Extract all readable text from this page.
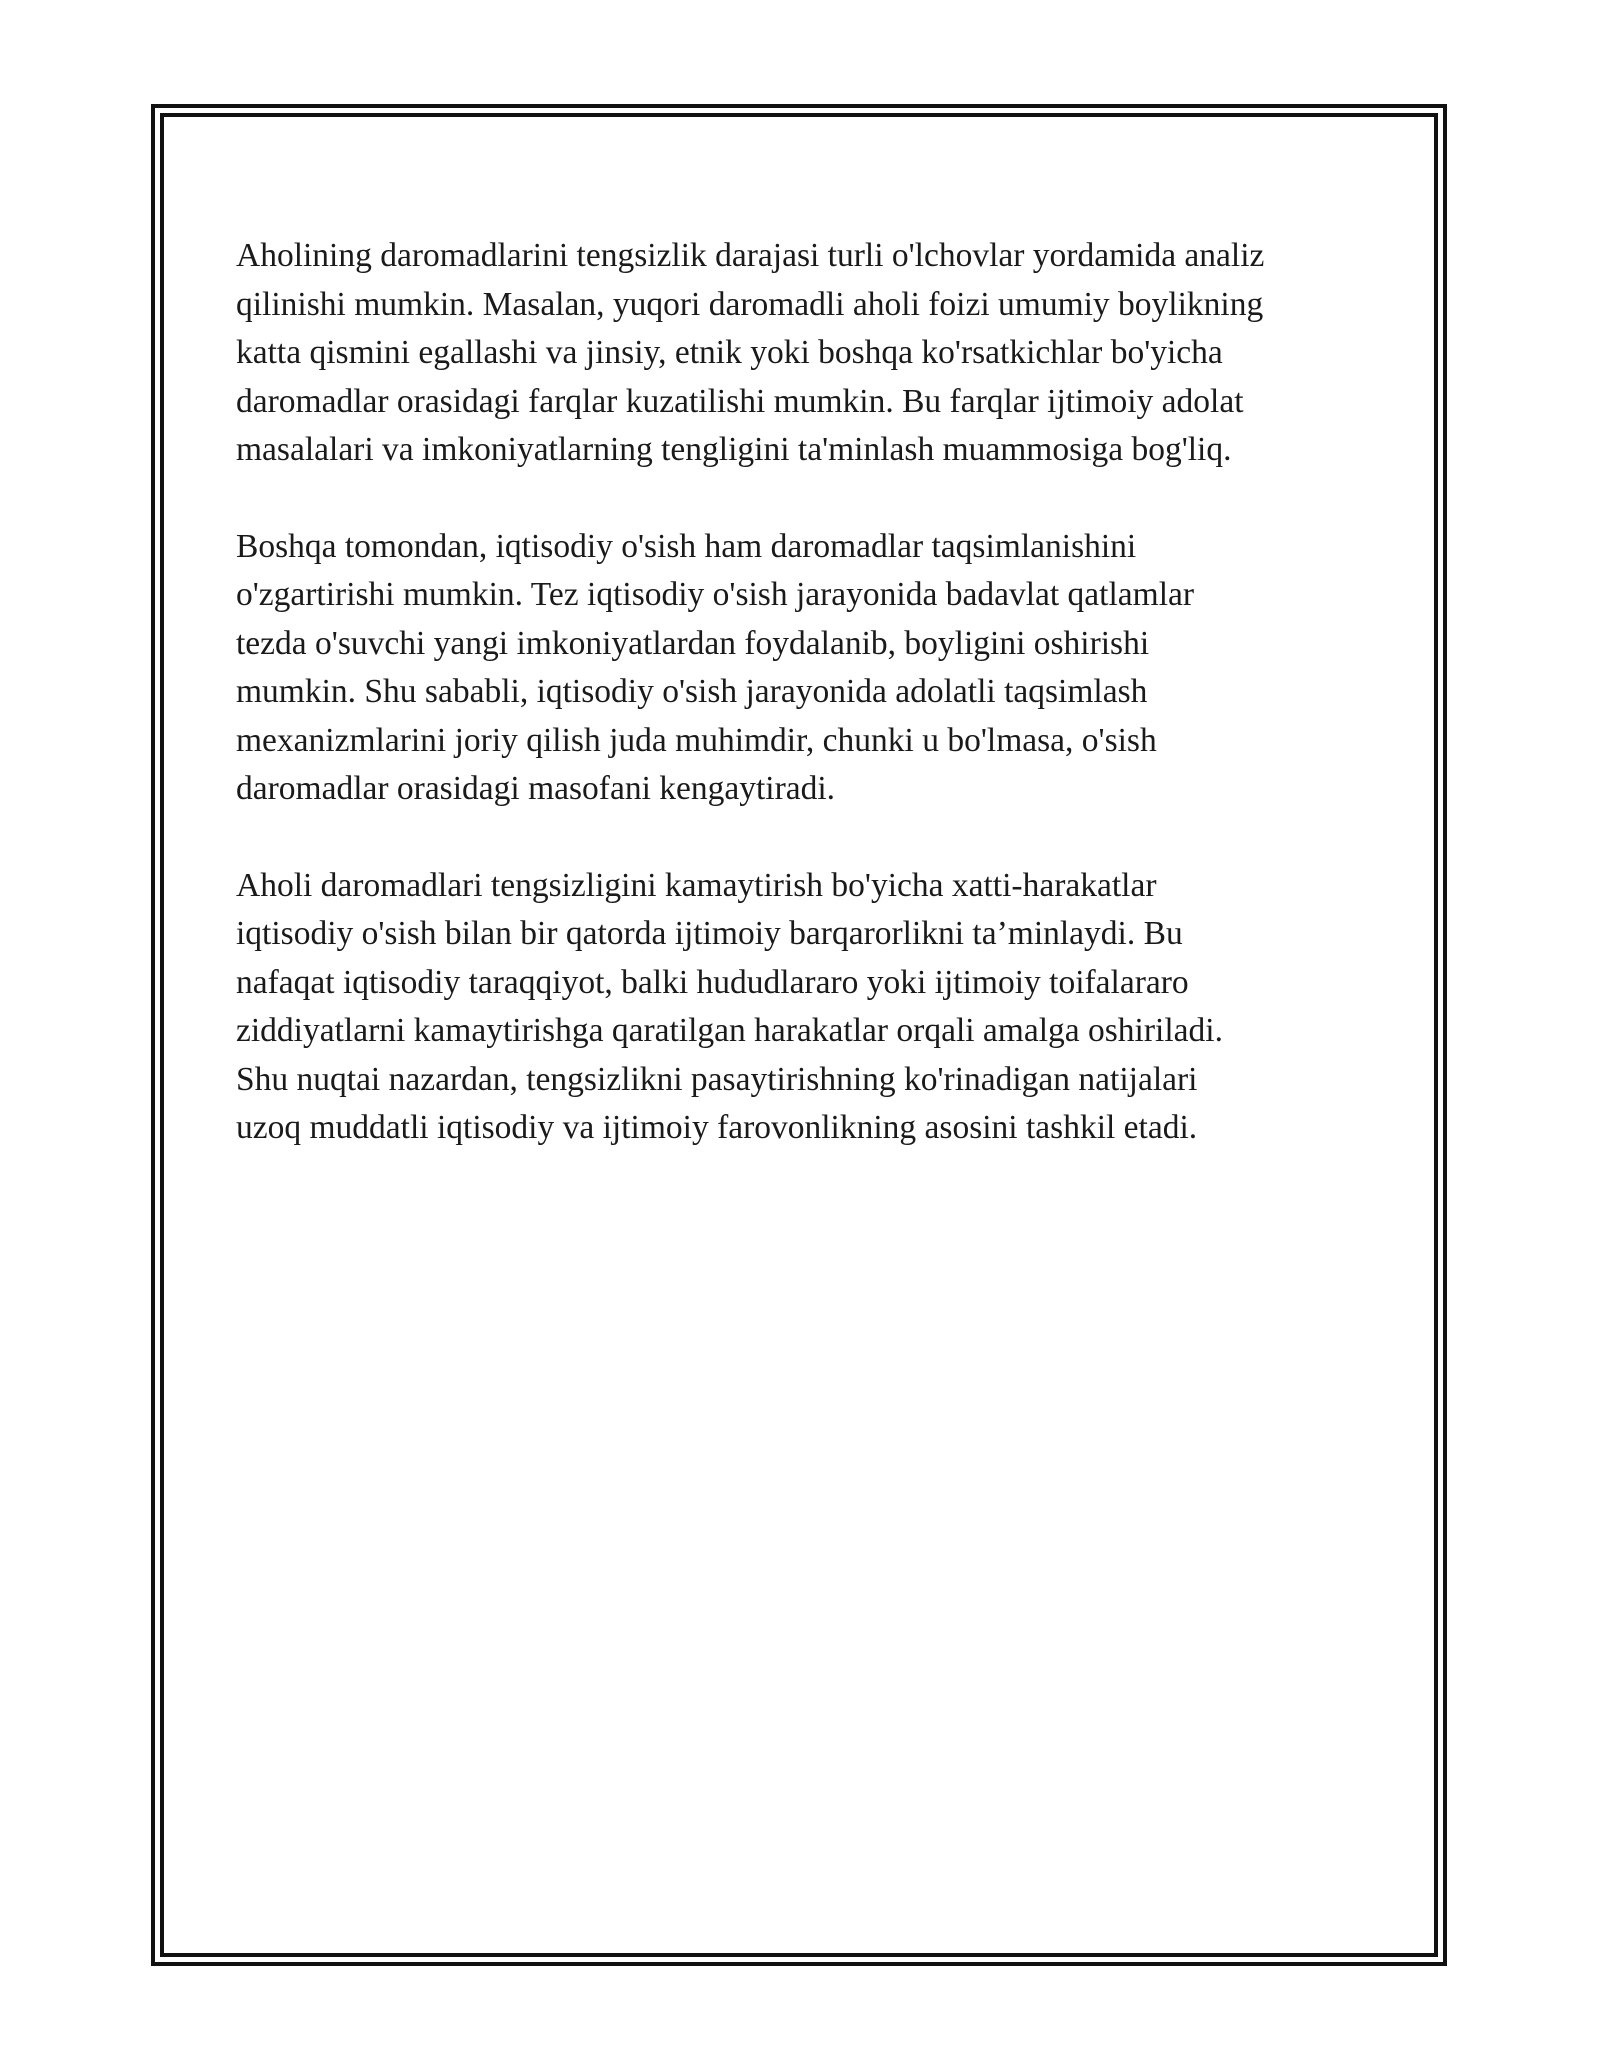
Aholining daromadlarini tengsizlik darajasi turli o'lchovlar yordamida analiz
qilinishi mumkin. Masalan, yuqori daromadli aholi foizi umumiy boylikning
katta qismini egallashi va jinsiy, etnik yoki boshqa ko'rsatkichlar bo'yicha
daromadlar orasidagi farqlar kuzatilishi mumkin. Bu farqlar ijtimoiy adolat
masalalari va imkoniyatlarning tengligini ta'minlash muammosiga bog'liq.

Boshqa tomondan, iqtisodiy o'sish ham daromadlar taqsimlanishini
o'zgartirishi mumkin. Tez iqtisodiy o'sish jarayonida badavlat qatlamlar
tezda o'suvchi yangi imkoniyatlardan foydalanib, boyligini oshirishi
mumkin. Shu sababli, iqtisodiy o'sish jarayonida adolatli taqsimlash
mexanizmlarini joriy qilish juda muhimdir, chunki u bo'lmasa, o'sish
daromadlar orasidagi masofani kengaytiradi.

Aholi daromadlari tengsizligini kamaytirish bo'yicha xatti-harakatlar
iqtisodiy o'sish bilan bir qatorda ijtimoiy barqarorlikni ta’minlaydi. Bu
nafaqat iqtisodiy taraqqiyot, balki hududlararo yoki ijtimoiy toifalararo
ziddiyatlarni kamaytirishga qaratilgan harakatlar orqali amalga oshiriladi.
Shu nuqtai nazardan, tengsizlikni pasaytirishning ko'rinadigan natijalari
uzoq muddatli iqtisodiy va ijtimoiy farovonlikning asosini tashkil etadi.
